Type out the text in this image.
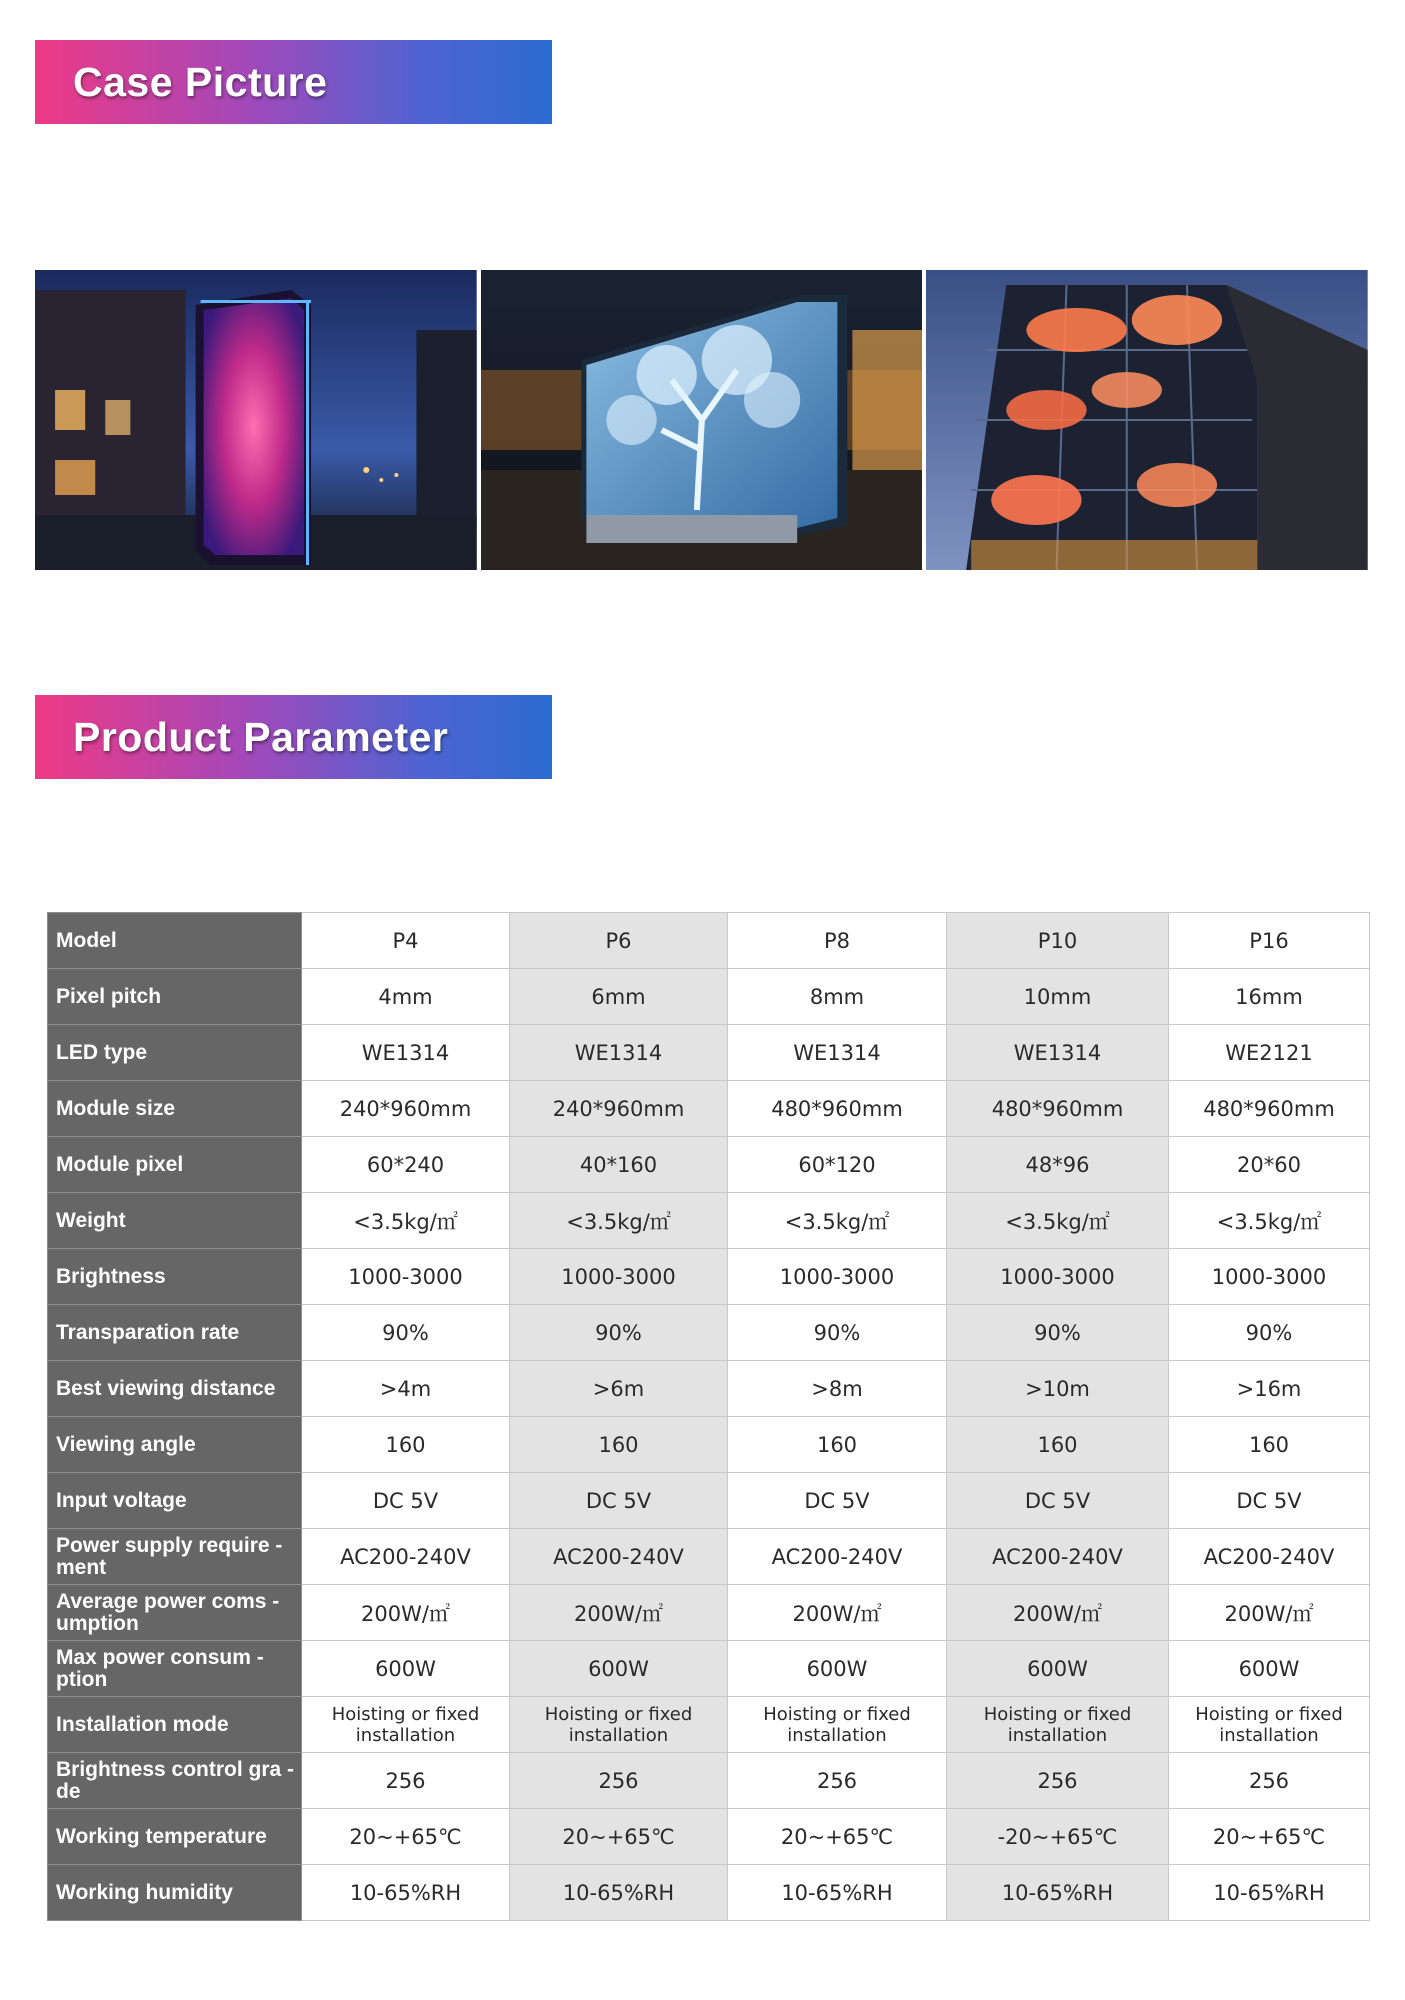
Case Picture
Product Parameter
Model	P4	P6	P8	P10	P16
Pixel pitch	4mm	6mm	8mm	10mm	16mm
LED type	WE1314	WE1314	WE1314	WE1314	WE2121
Module size	240*960mm	240*960mm	480*960mm	480*960mm	480*960mm
Module pixel	60*240	40*160	60*120	48*96	20*60
Weight	<3.5kg/㎡	<3.5kg/㎡	<3.5kg/㎡	<3.5kg/㎡	<3.5kg/㎡
Brightness	1000-3000	1000-3000	1000-3000	1000-3000	1000-3000
Transparation rate	90%	90%	90%	90%	90%
Best viewing distance	>4m	>6m	>8m	>10m	>16m
Viewing angle	160	160	160	160	160
Input voltage	DC 5V	DC 5V	DC 5V	DC 5V	DC 5V
Power supply require -ment	AC200-240V	AC200-240V	AC200-240V	AC200-240V	AC200-240V
Average power coms -umption	200W/㎡	200W/㎡	200W/㎡	200W/㎡	200W/㎡
Max power consum -ption	600W	600W	600W	600W	600W
Installation mode	Hoisting or fixed installation	Hoisting or fixed installation	Hoisting or fixed installation	Hoisting or fixed installation	Hoisting or fixed installation
Brightness control gra -de	256	256	256	256	256
Working temperature	20~+65℃	20~+65℃	20~+65℃	-20~+65℃	20~+65℃
Working humidity	10-65%RH	10-65%RH	10-65%RH	10-65%RH	10-65%RH
